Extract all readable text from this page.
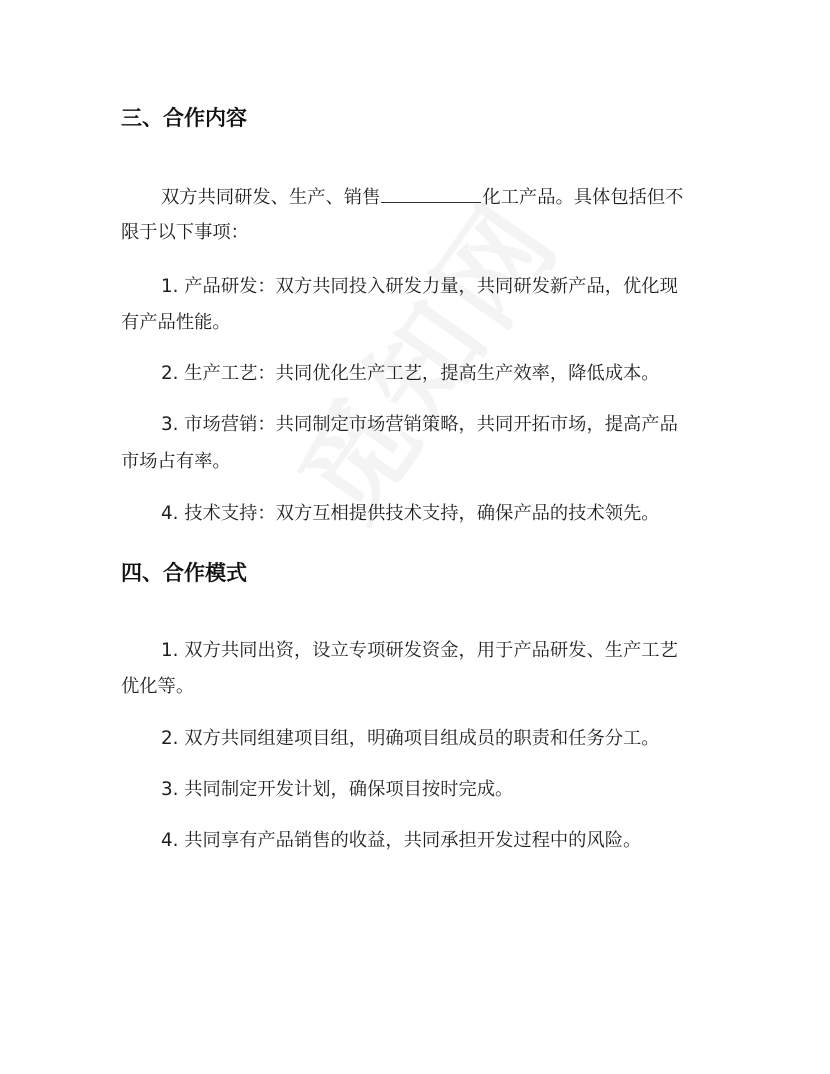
三、合作内容
双方共同研发、生产、销售	化工产品。具体包括但不
限于以下事项：
1. 产品研发：双方共同投入研发力量，共同研发新产品，优化现
有产品性能。
2. 生产工艺：共同优化生产工艺，提高生产效率，降低成本。
3. 市场营销：共同制定市场营销策略，共同开拓市场，提高产品
市场占有率。
4. 技术支持：双方互相提供技术支持，确保产品的技术领先。
四、合作模式
1. 双方共同出资，设立专项研发资金，用于产品研发、生产工艺
优化等。
2. 双方共同组建项目组，明确项目组成员的职责和任务分工。
3. 共同制定开发计划，确保项目按时完成。
4. 共同享有产品销售的收益，共同承担开发过程中的风险。
